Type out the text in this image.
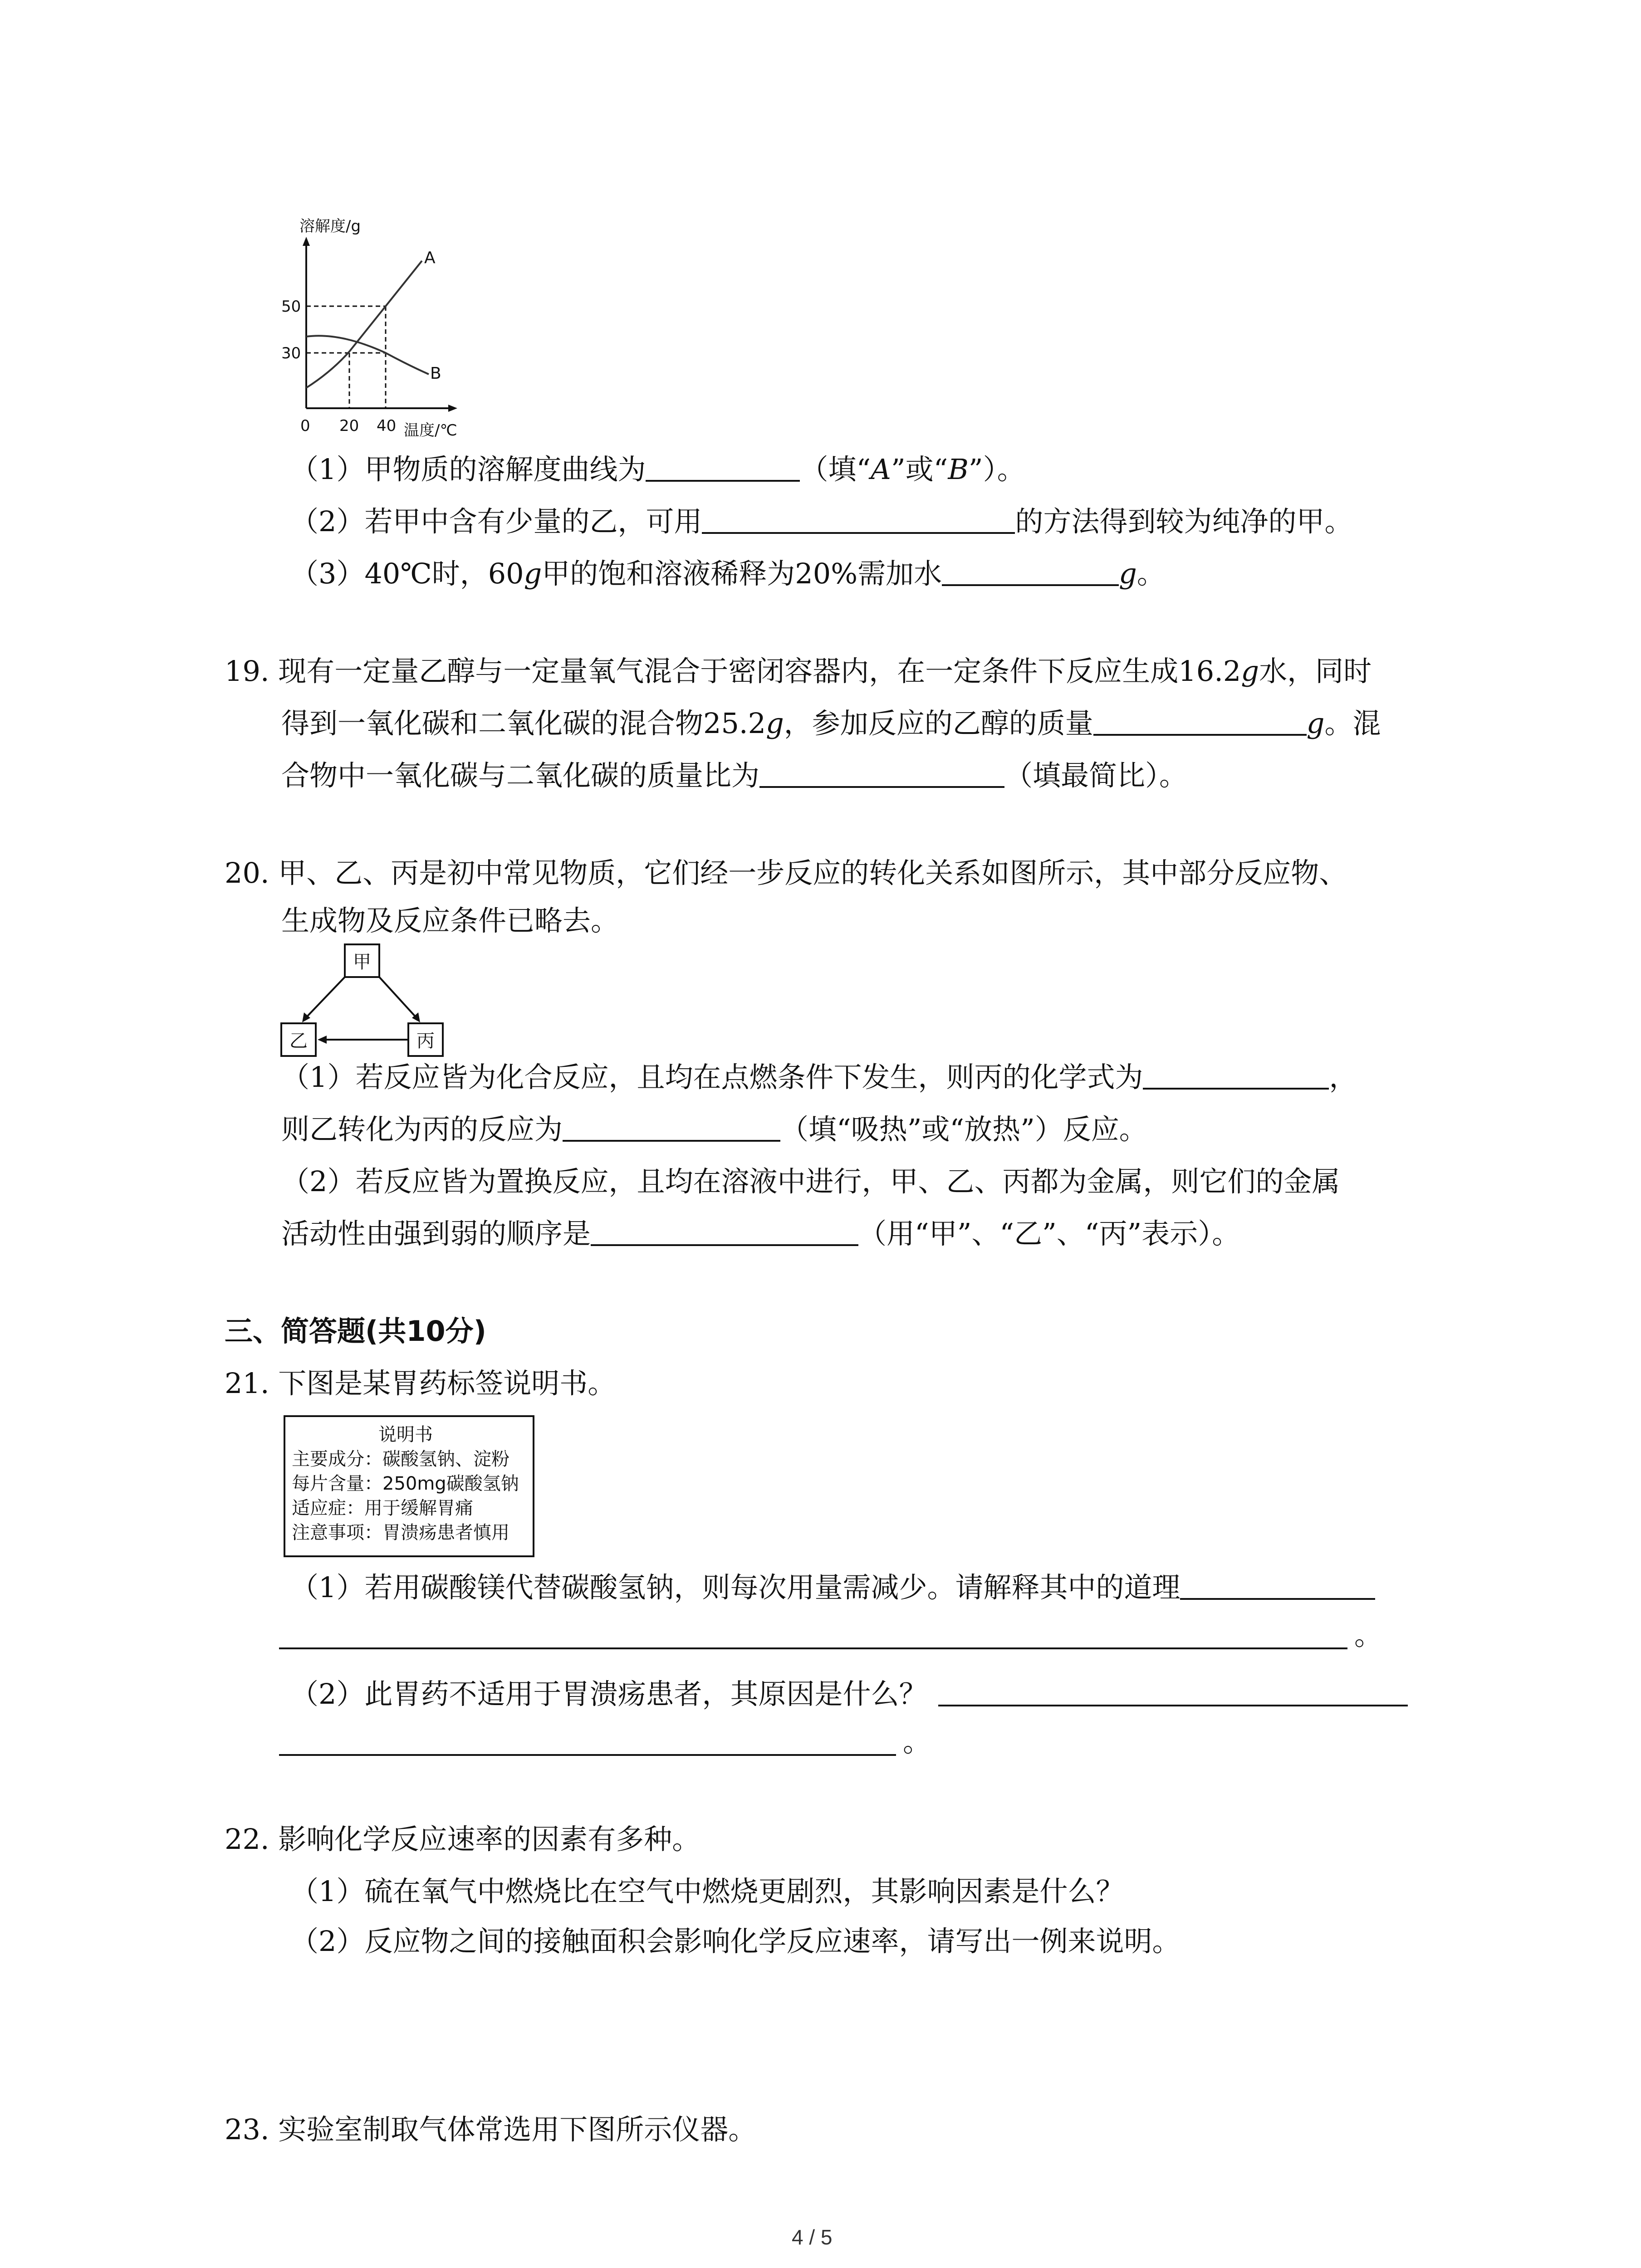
溶解度/g
A
B
50
30
0 20 40 温度/℃
（1）甲物质的溶解度曲线为	（填“A”或“B”）。
（2）若甲中含有少量的乙，可用	的方法得到较为纯净的甲。
（3）40℃时，60g甲的饱和溶液稀释为20%需加水	g。
19. 现有一定量乙醇与一定量氧气混合于密闭容器内，在一定条件下反应生成16.2g水，同时
得到一氧化碳和二氧化碳的混合物25.2g，参加反应的乙醇的质量	g。混
合物中一氧化碳与二氧化碳的质量比为	（填最简比）。
20. 甲、乙、丙是初中常见物质，它们经一步反应的转化关系如图所示，其中部分反应物、
生成物及反应条件已略去。
甲
乙	丙
（1）若反应皆为化合反应，且均在点燃条件下发生，则丙的化学式为	，
则乙转化为丙的反应为	（填“吸热”或“放热”）反应。
（2）若反应皆为置换反应，且均在溶液中进行，甲、乙、丙都为金属，则它们的金属
活动性由强到弱的顺序是	（用“甲”、“乙”、“丙”表示）。
三、简答题(共10分)
21. 下图是某胃药标签说明书。
说明书
主要成分：碳酸氢钠、淀粉
每片含量：250mg碳酸氢钠
适应症：用于缓解胃痛
注意事项：胃溃疡患者慎用
（1）若用碳酸镁代替碳酸氢钠，则每次用量需减少。请解释其中的道理
。
（2）此胃药不适用于胃溃疡患者，其原因是什么？
。
22. 影响化学反应速率的因素有多种。
（1）硫在氧气中燃烧比在空气中燃烧更剧烈，其影响因素是什么？
（2）反应物之间的接触面积会影响化学反应速率，请写出一例来说明。
23. 实验室制取气体常选用下图所示仪器。
4 / 5
